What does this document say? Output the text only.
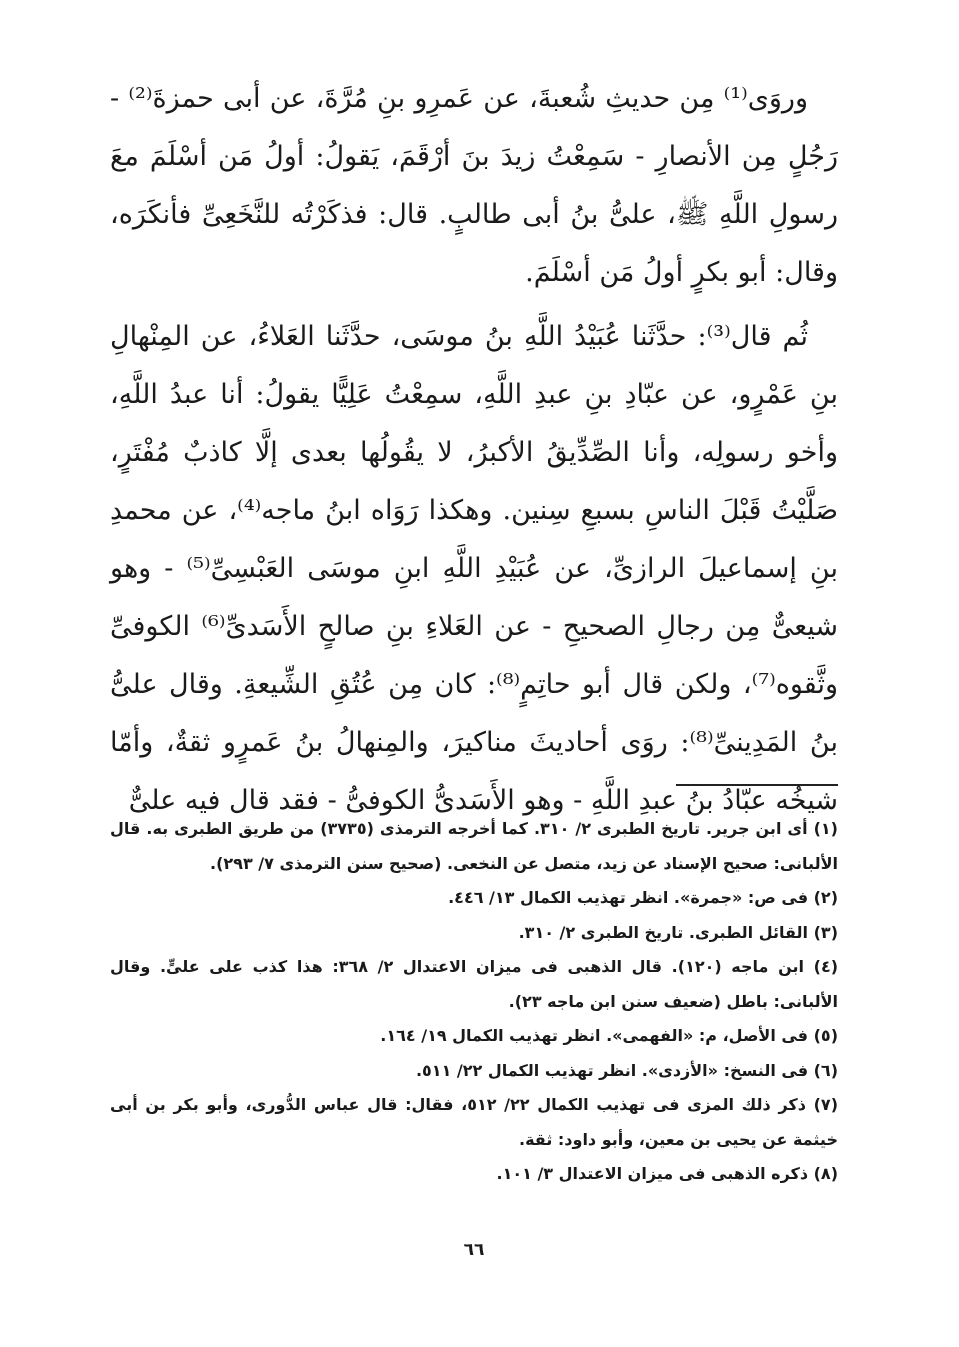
وروَى⁽¹⁾ مِن حديثِ شُعبةَ، عن عَمرِو بنِ مُرَّةَ، عن أبى حمزةَ⁽²⁾ - رَجُلٍ مِن الأنصارِ - سَمِعْتُ زيدَ بنَ أرْقَمَ، يَقولُ: أولُ مَن أسْلَمَ معَ رسولِ اللَّهِ ﷺ، علىُّ بنُ أبى طالبٍ. قال: فذكَرْتُه للنَّخَعِىِّ فأنكَرَه، وقال: أبو بكرٍ أولُ مَن أسْلَمَ.

ثُم قال⁽³⁾: حدَّثَنا عُبَيْدُ اللَّهِ بنُ موسَى، حدَّثَنا العَلاءُ، عن المِنْهالِ بنِ عَمْرٍو، عن عبّادِ بنِ عبدِ اللَّهِ، سمِعْتُ عَلِيًّا يقولُ: أنا عبدُ اللَّهِ، وأخو رسولِه، وأنا الصِّدِّيقُ الأكبرُ، لا يقُولُها بعدى إلَّا كاذبٌ مُفْتَرٍ، صَلَّيْتُ قَبْلَ الناسِ بسبعِ سِنين. وهكذا رَوَاه ابنُ ماجه⁽⁴⁾، عن محمدِ بنِ إسماعيلَ الرازىِّ، عن عُبَيْدِ اللَّهِ ابنِ موسَى العَبْسِىِّ⁽⁵⁾ - وهو شيعىٌّ مِن رجالِ الصحيحِ - عن العَلاءِ بنِ صالحٍ الأَسَدىِّ⁽⁶⁾ الكوفىِّ وثَّقوه⁽⁷⁾، ولكن قال أبو حاتِمٍ⁽⁸⁾: كان مِن عُتُقِ الشِّيعةِ. وقال علىُّ بنُ المَدِينىِّ⁽⁸⁾: روَى أحاديثَ مناكيرَ، والمِنهالُ بنُ عَمرٍو ثقةٌ، وأمّا شيخُه عبّادُ بنُ عبدِ اللَّهِ - وهو الأَسَدىُّ الكوفىُّ - فقد قال فيه علىٌّ

(١) أى ابن جرير. تاريخ الطبرى ٢/ ٣١٠. كما أخرجه الترمذى (٣٧٣٥) من طريق الطبرى به. قال الألبانى: صحيح الإسناد عن زيد، متصل عن النخعى. (صحيح سنن الترمذى ٧/ ٢٩٣).
(٢) فى ص: «جمرة». انظر تهذيب الكمال ١٣/ ٤٤٦.
(٣) القائل الطبرى. تاريخ الطبرى ٢/ ٣١٠.
(٤) ابن ماجه (١٢٠). قال الذهبى فى ميزان الاعتدال ٢/ ٣٦٨: هذا كذب على علىٍّ. وقال الألبانى: باطل (ضعيف سنن ابن ماجه ٢٣).
(٥) فى الأصل، م: «الفهمى». انظر تهذيب الكمال ١٩/ ١٦٤.
(٦) فى النسخ: «الأزدى». انظر تهذيب الكمال ٢٢/ ٥١١.
(٧) ذكر ذلك المزى فى تهذيب الكمال ٢٢/ ٥١٢، فقال: قال عباس الدُّورى، وأبو بكر بن أبى خيثمة عن يحيى بن معين، وأبو داود: ثقة.
(٨) ذكره الذهبى فى ميزان الاعتدال ٣/ ١٠١.
٦٦
